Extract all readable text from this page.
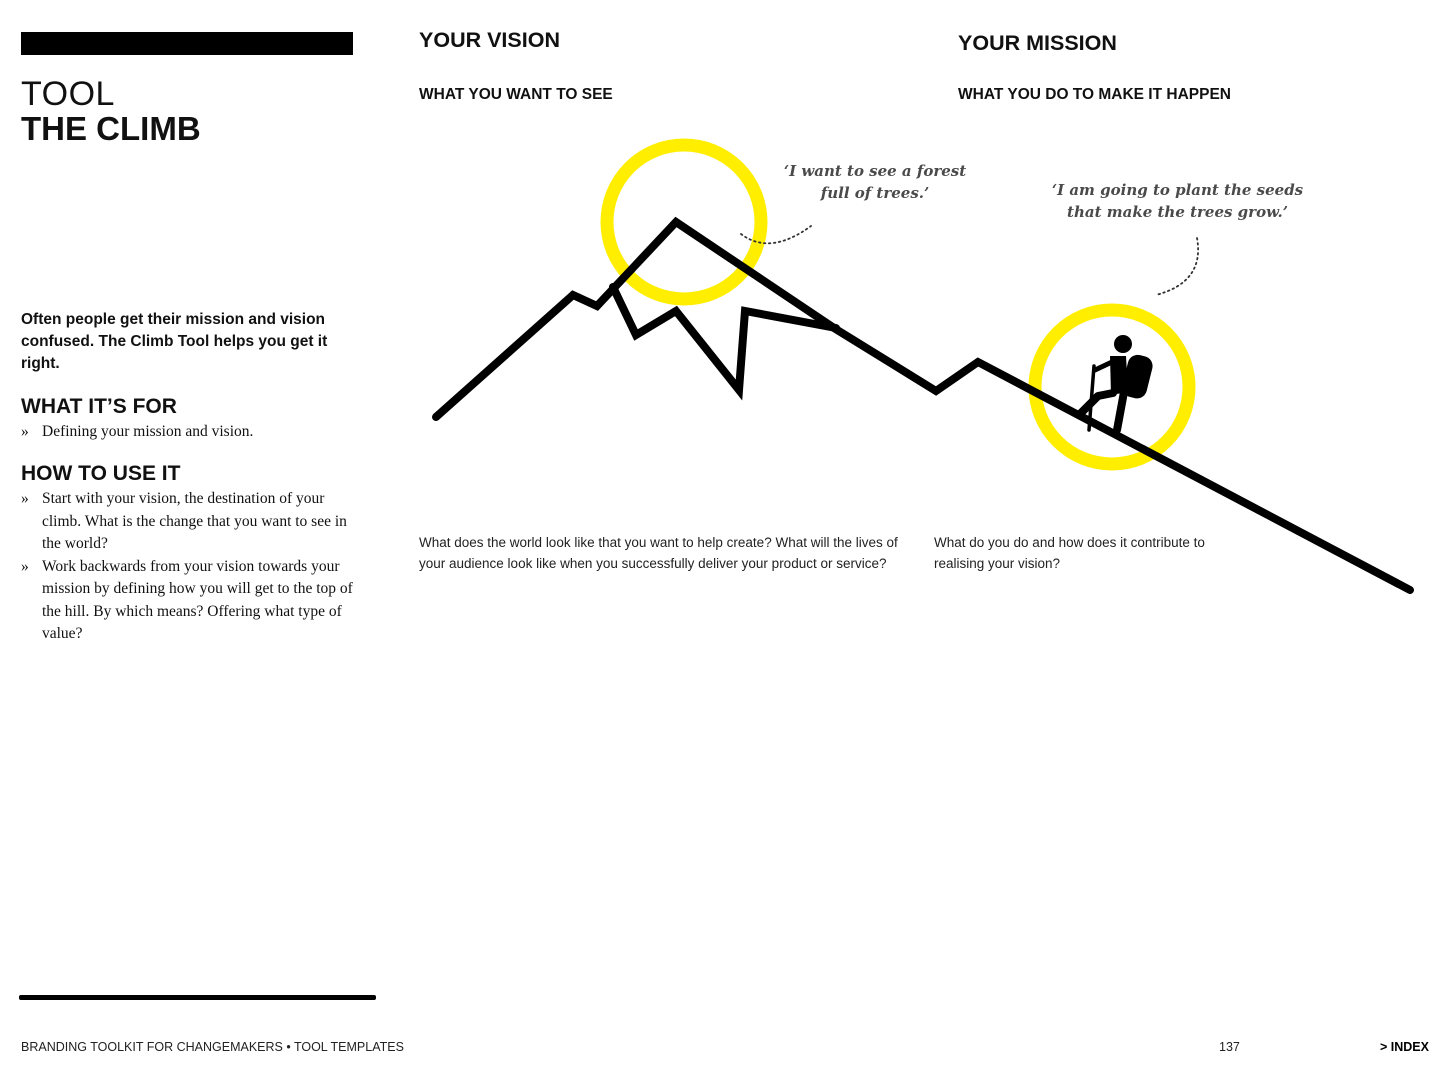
TOOL
THE CLIMB
Often people get their mission and vision confused. The Climb Tool helps you get it right.
WHAT IT’S FOR
» Defining your mission and vision.
HOW TO USE IT
» Start with your vision, the destination of your climb. What is the change that you want to see in the world?
» Work backwards from your vision towards your mission by defining how you will get to the top of the hill. By which means? Offering what type of value?
YOUR VISION
WHAT YOU WANT TO SEE
YOUR MISSION
WHAT YOU DO TO MAKE IT HAPPEN
‘I want to see a forest
full of trees.’	‘I am going to plant the seeds
that make the trees grow.’
What does the world look like that you want to help create? What will the lives of your audience look like when you successfully deliver your product or service?
What do you do and how does it contribute to realising your vision?
BRANDING TOOLKIT FOR CHANGEMAKERS • TOOL TEMPLATES	137	> INDEX
